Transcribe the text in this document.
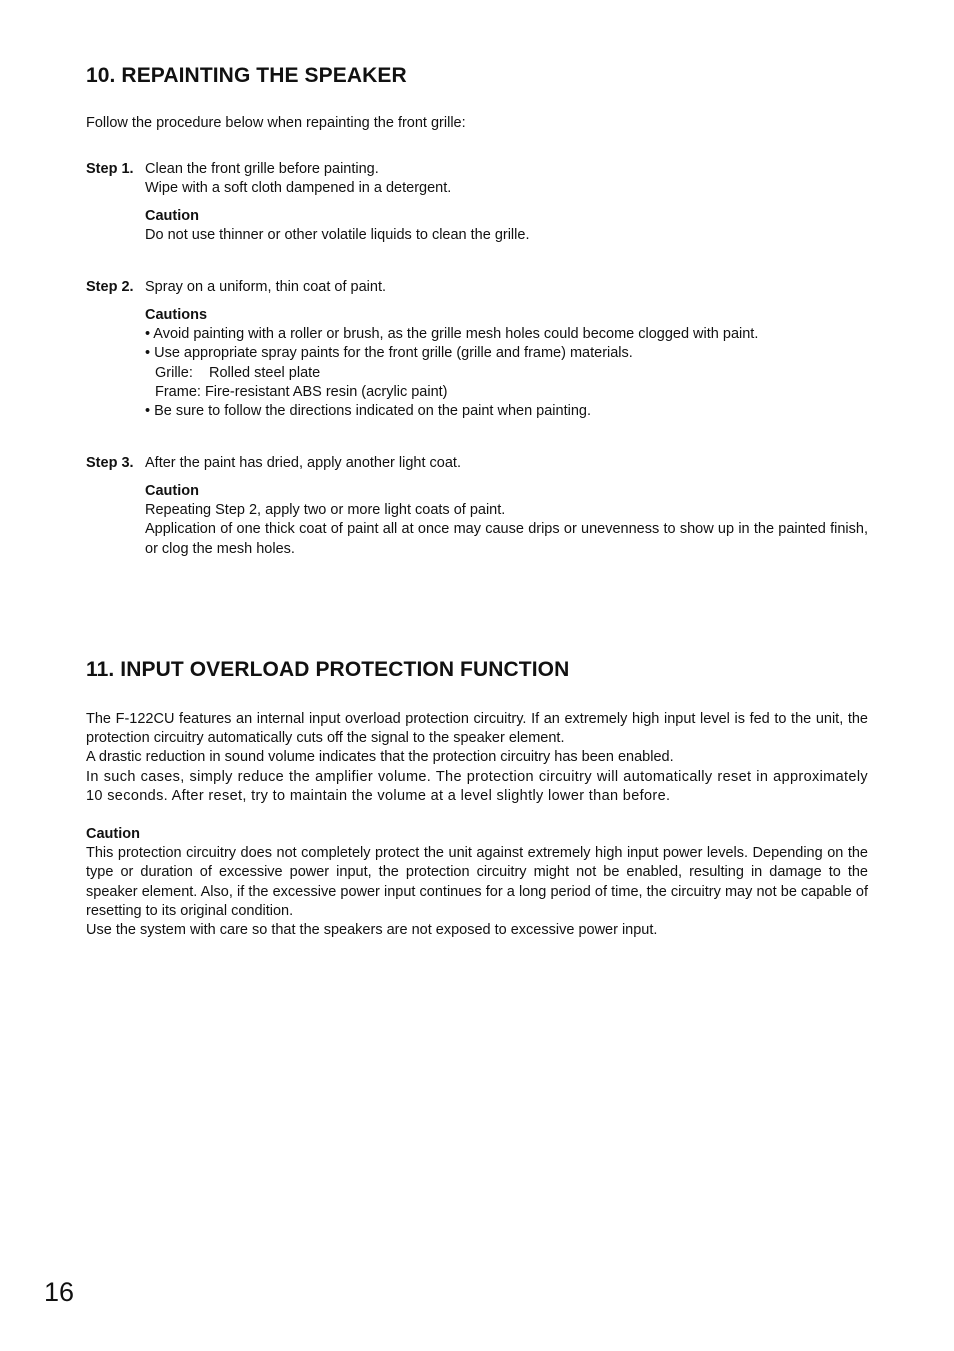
10. REPAINTING THE SPEAKER
Follow the procedure below when repainting the front grille:
Step 1. Clean the front grille before painting.
Wipe with a soft cloth dampened in a detergent.
Caution
Do not use thinner or other volatile liquids to clean the grille.
Step 2. Spray on a uniform, thin coat of paint.
Cautions
• Avoid painting with a roller or brush, as the grille mesh holes could become clogged with paint.
• Use appropriate spray paints for the front grille (grille and frame) materials.
Grille: Rolled steel plate
Frame: Fire-resistant ABS resin (acrylic paint)
• Be sure to follow the directions indicated on the paint when painting.
Step 3. After the paint has dried, apply another light coat.
Caution
Repeating Step 2, apply two or more light coats of paint.
Application of one thick coat of paint all at once may cause drips or unevenness to show up in the painted finish, or clog the mesh holes.
11. INPUT OVERLOAD PROTECTION FUNCTION
The F-122CU features an internal input overload protection circuitry. If an extremely high input level is fed to the unit, the protection circuitry automatically cuts off the signal to the speaker element.
A drastic reduction in sound volume indicates that the protection circuitry has been enabled.
In such cases, simply reduce the amplifier volume. The protection circuitry will automatically reset in approximately 10 seconds. After reset, try to maintain the volume at a level slightly lower than before.
Caution
This protection circuitry does not completely protect the unit against extremely high input power levels. Depending on the type or duration of excessive power input, the protection circuitry might not be enabled, resulting in damage to the speaker element. Also, if the excessive power input continues for a long period of time, the circuitry may not be capable of resetting to its original condition.
Use the system with care so that the speakers are not exposed to excessive power input.
16
